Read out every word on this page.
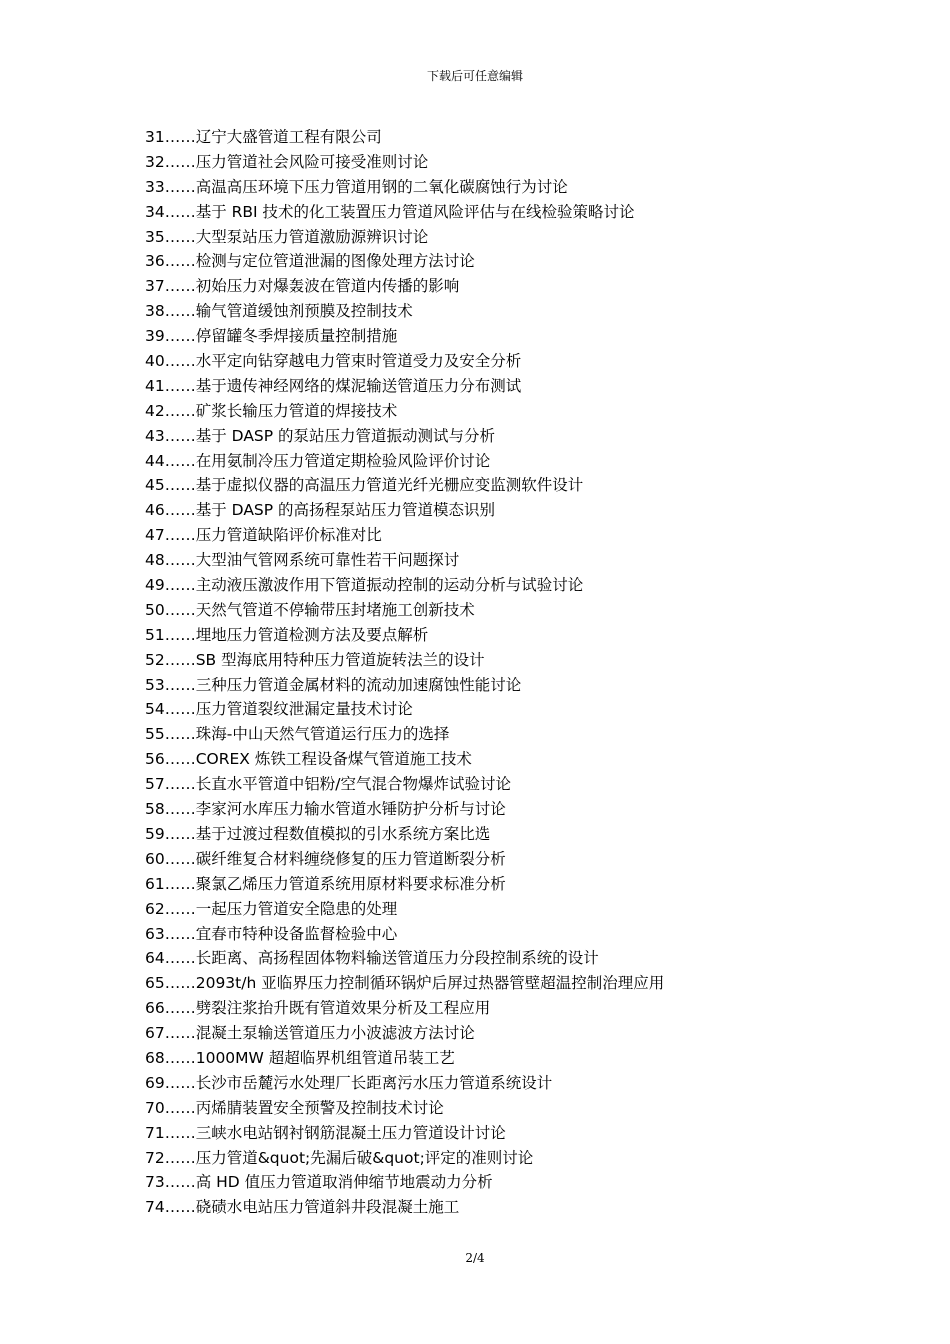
下载后可任意编辑
31……辽宁大盛管道工程有限公司
32……压力管道社会风险可接受准则讨论
33……高温高压环境下压力管道用钢的二氧化碳腐蚀行为讨论
34……基于 RBI 技术的化工装置压力管道风险评估与在线检验策略讨论
35……大型泵站压力管道激励源辨识讨论
36……检测与定位管道泄漏的图像处理方法讨论
37……初始压力对爆轰波在管道内传播的影响
38……输气管道缓蚀剂预膜及控制技术
39……停留罐冬季焊接质量控制措施
40……水平定向钻穿越电力管束时管道受力及安全分析
41……基于遗传神经网络的煤泥输送管道压力分布测试
42……矿浆长输压力管道的焊接技术
43……基于 DASP 的泵站压力管道振动测试与分析
44……在用氨制冷压力管道定期检验风险评价讨论
45……基于虚拟仪器的高温压力管道光纤光栅应变监测软件设计
46……基于 DASP 的高扬程泵站压力管道模态识别
47……压力管道缺陷评价标准对比
48……大型油气管网系统可靠性若干问题探讨
49……主动液压激波作用下管道振动控制的运动分析与试验讨论
50……天然气管道不停输带压封堵施工创新技术
51……埋地压力管道检测方法及要点解析
52……SB 型海底用特种压力管道旋转法兰的设计
53……三种压力管道金属材料的流动加速腐蚀性能讨论
54……压力管道裂纹泄漏定量技术讨论
55……珠海-中山天然气管道运行压力的选择
56……COREX 炼铁工程设备煤气管道施工技术
57……长直水平管道中铝粉/空气混合物爆炸试验讨论
58……李家河水库压力输水管道水锤防护分析与讨论
59……基于过渡过程数值模拟的引水系统方案比选
60……碳纤维复合材料缠绕修复的压力管道断裂分析
61……聚氯乙烯压力管道系统用原材料要求标准分析
62……一起压力管道安全隐患的处理
63……宜春市特种设备监督检验中心
64……长距离、高扬程固体物料输送管道压力分段控制系统的设计
65……2093t/h 亚临界压力控制循环锅炉后屏过热器管壁超温控制治理应用
66……劈裂注浆抬升既有管道效果分析及工程应用
67……混凝土泵输送管道压力小波滤波方法讨论
68……1000MW 超超临界机组管道吊装工艺
69……长沙市岳麓污水处理厂长距离污水压力管道系统设计
70……丙烯腈装置安全预警及控制技术讨论
71……三峡水电站钢衬钢筋混凝土压力管道设计讨论
72……压力管道&quot;先漏后破&quot;评定的准则讨论
73……高 HD 值压力管道取消伸缩节地震动力分析
74……硗碛水电站压力管道斜井段混凝土施工
2/4
